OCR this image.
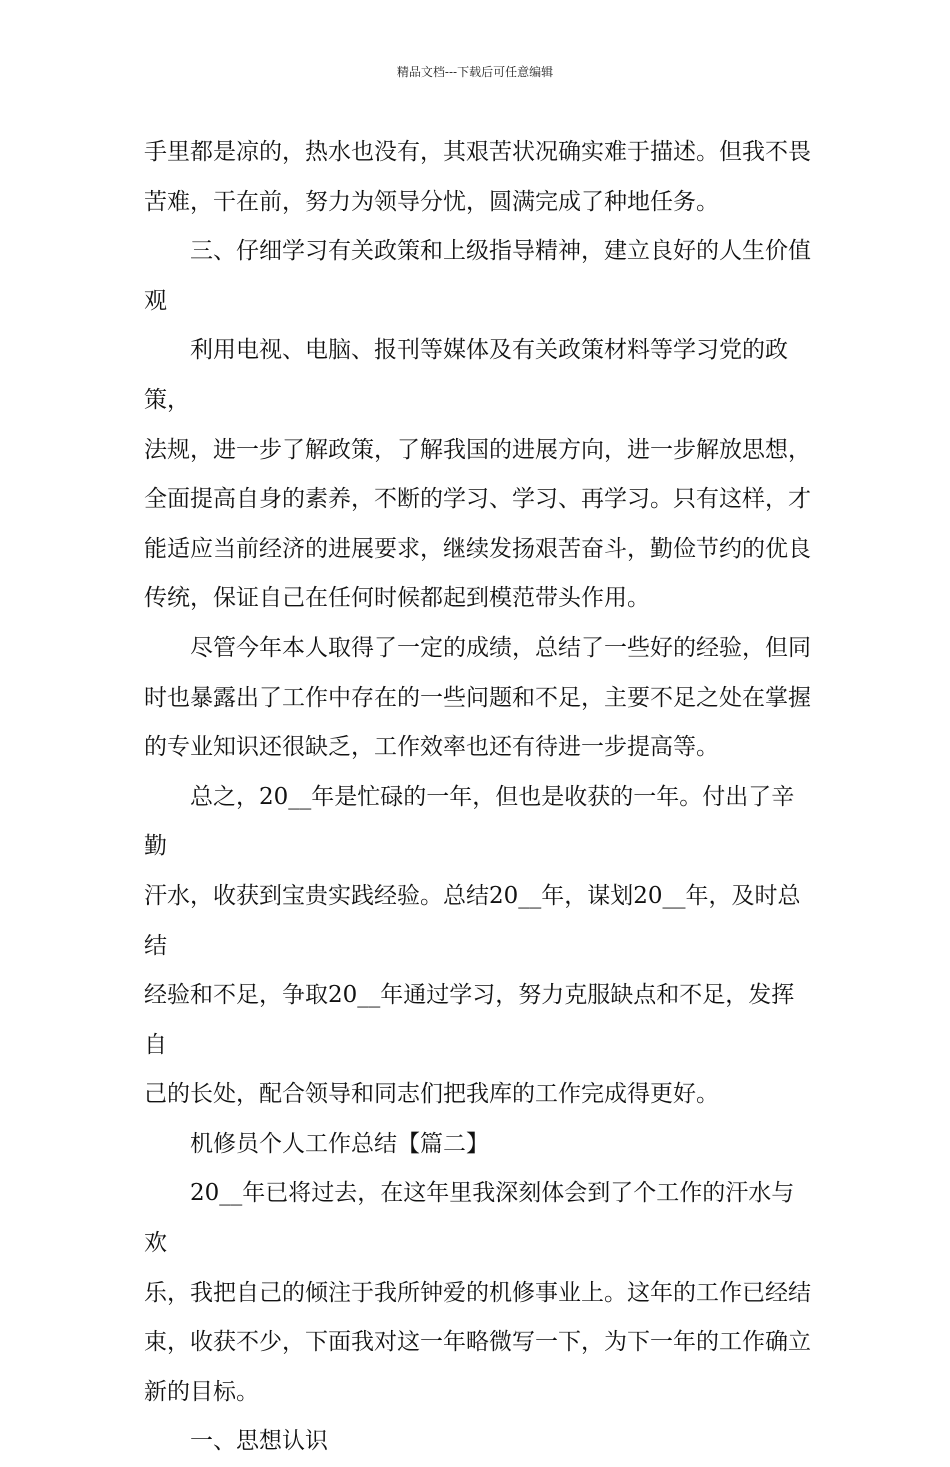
精品文档---下载后可任意编辑

手里都是凉的，热水也没有，其艰苦状况确实难于描述。但我不畏

苦难，干在前，努力为领导分忧，圆满完成了种地任务。

三、仔细学习有关政策和上级指导精神，建立良好的人生价值

观

利用电视、电脑、报刊等媒体及有关政策材料等学习党的政策，

法规，进一步了解政策，了解我国的进展方向，进一步解放思想，

全面提高自身的素养，不断的学习、学习、再学习。只有这样，才

能适应当前经济的进展要求，继续发扬艰苦奋斗，勤俭节约的优良

传统，保证自己在任何时候都起到模范带头作用。

尽管今年本人取得了一定的成绩，总结了一些好的经验，但同

时也暴露出了工作中存在的一些问题和不足，主要不足之处在掌握

的专业知识还很缺乏，工作效率也还有待进一步提高等。

总之，20__年是忙碌的一年，但也是收获的一年。付出了辛勤

汗水，收获到宝贵实践经验。总结20__年，谋划20__年，及时总结

经验和不足，争取20__年通过学习，努力克服缺点和不足，发挥自

己的长处，配合领导和同志们把我库的工作完成得更好。

机修员个人工作总结【篇二】

20__年已将过去，在这年里我深刻体会到了个工作的汗水与欢

乐，我把自己的倾注于我所钟爱的机修事业上。这年的工作已经结

束，收获不少，下面我对这一年略微写一下，为下一年的工作确立

新的目标。

一、思想认识
